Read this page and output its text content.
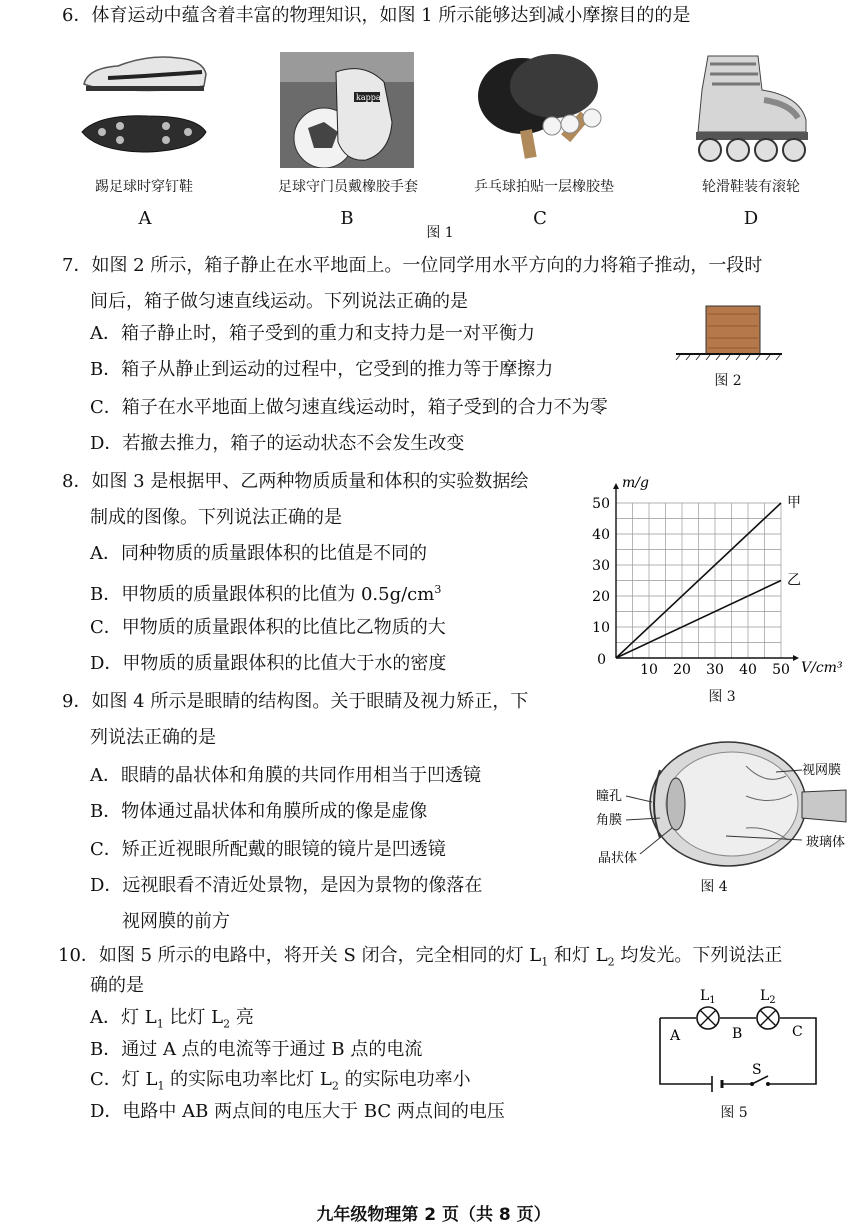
6．体育运动中蕴含着丰富的物理知识，如图 1 所示能够达到减小摩擦目的的是
kappa
踢足球时穿钉鞋	足球守门员戴橡胶手套	乒乓球拍贴一层橡胶垫	轮滑鞋装有滚轮
A	B	C	D
图 1
7．如图 2 所示，箱子静止在水平地面上。一位同学用水平方向的力将箱子推动，一段时
间后，箱子做匀速直线运动。下列说法正确的是
A．箱子静止时，箱子受到的重力和支持力是一对平衡力
B．箱子从静止到运动的过程中，它受到的推力等于摩擦力
C．箱子在水平地面上做匀速直线运动时，箱子受到的合力不为零
D．若撤去推力，箱子的运动状态不会发生改变
图 2
8．如图 3 是根据甲、乙两种物质质量和体积的实验数据绘
制成的图像。下列说法正确的是
A．同种物质的质量跟体积的比值是不同的
B．甲物质的质量跟体积的比值为 $0.5g/cm^3$
C．甲物质的质量跟体积的比值比乙物质的大
D．甲物质的质量跟体积的比值大于水的密度	10 20 30 40 50
10
20
30
40
50
0
m/g
V/cm³
甲
乙
图 3
9．如图 4 所示是眼睛的结构图。关于眼睛及视力矫正，下
列说法正确的是
A．眼睛的晶状体和角膜的共同作用相当于凹透镜
B．物体通过晶状体和角膜所成的像是虚像
C．矫正近视眼所配戴的眼镜的镜片是凹透镜
D．远视眼看不清近处景物，是因为景物的像落在
视网膜的前方
视网膜
瞳孔
角膜
晶状体
玻璃体
图 4
10．如图 5 所示的电路中，将开关 S 闭合，完全相同的灯 $L_1$ 和灯 $L_2$ 均发光。下列说法正
确的是
A．灯 $L_1$ 比灯 $L_2$ 亮
B．通过 A 点的电流等于通过 B 点的电流
C．灯 $L_1$ 的实际电功率比灯 $L_2$ 的实际电功率小
D．电路中 AB 两点间的电压大于 BC 两点间的电压
$L_1$	$L_2$
A	B	C
S
图 5
九年级物理第 2 页（共 8 页）
